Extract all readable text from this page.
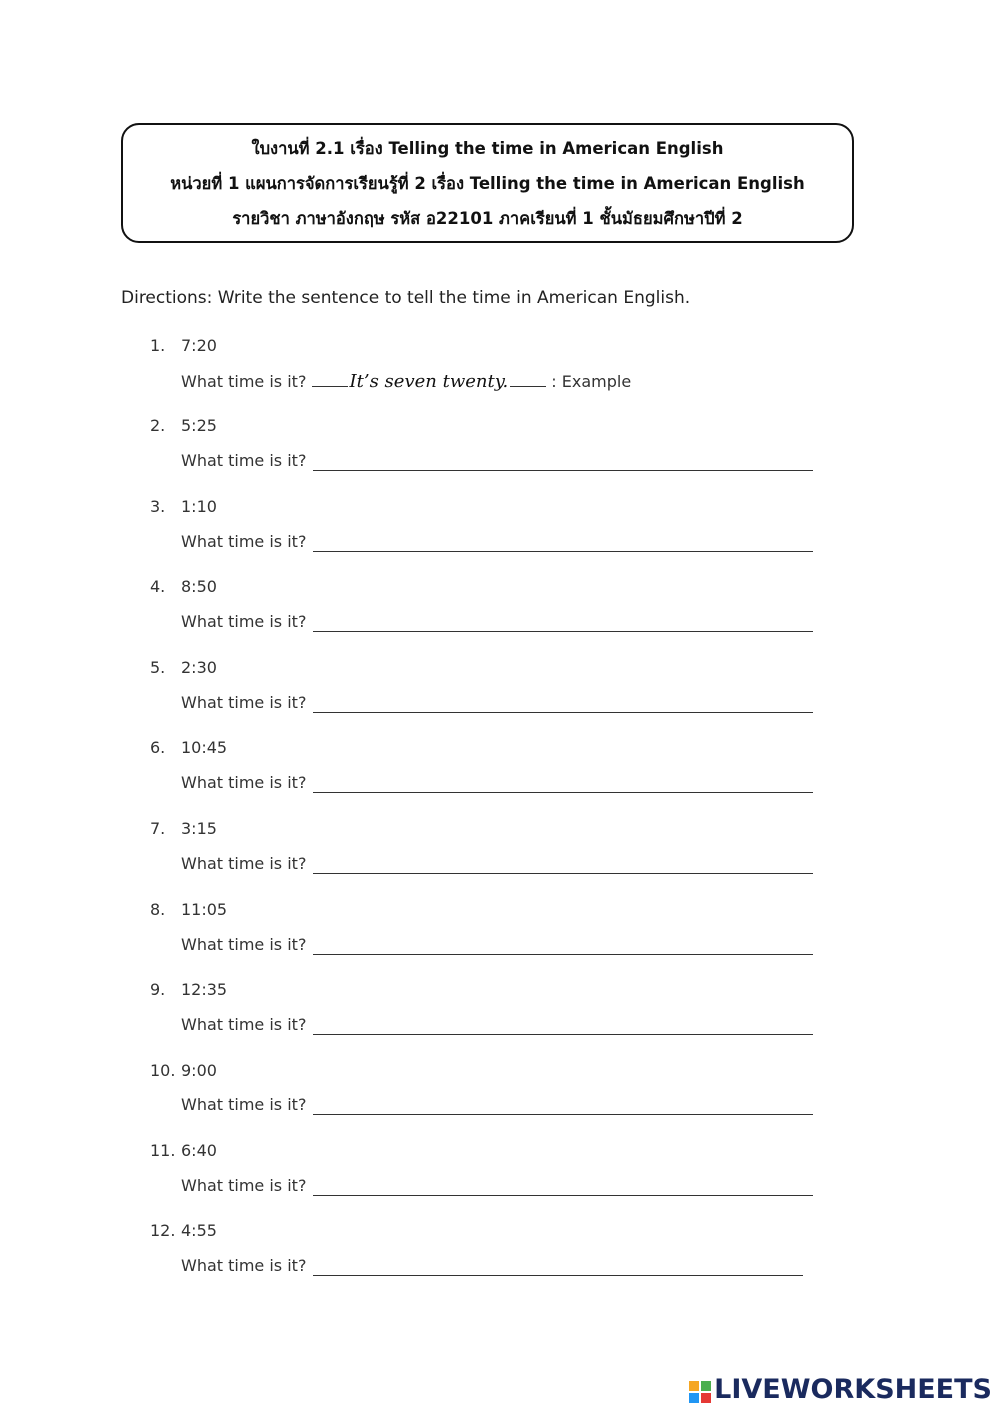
ใบงานที่ 2.1 เรื่อง Telling the time in American English
หน่วยที่ 1 แผนการจัดการเรียนรู้ที่ 2 เรื่อง Telling the time in American English
รายวิชา ภาษาอังกฤษ รหัส อ22101 ภาคเรียนที่ 1 ชั้นมัธยมศึกษาปีที่ 2
Directions: Write the sentence to tell the time in American English.
1. 7:20
What time is it? It’s seven twenty. : Example
2. 5:25
What time is it?
3. 1:10
What time is it?
4. 8:50
What time is it?
5. 2:30
What time is it?
6. 10:45
What time is it?
7. 3:15
What time is it?
8. 11:05
What time is it?
9. 12:35
What time is it?
10. 9:00
What time is it?
11. 6:40
What time is it?
12. 4:55
What time is it?
LIVEWORKSHEETS
